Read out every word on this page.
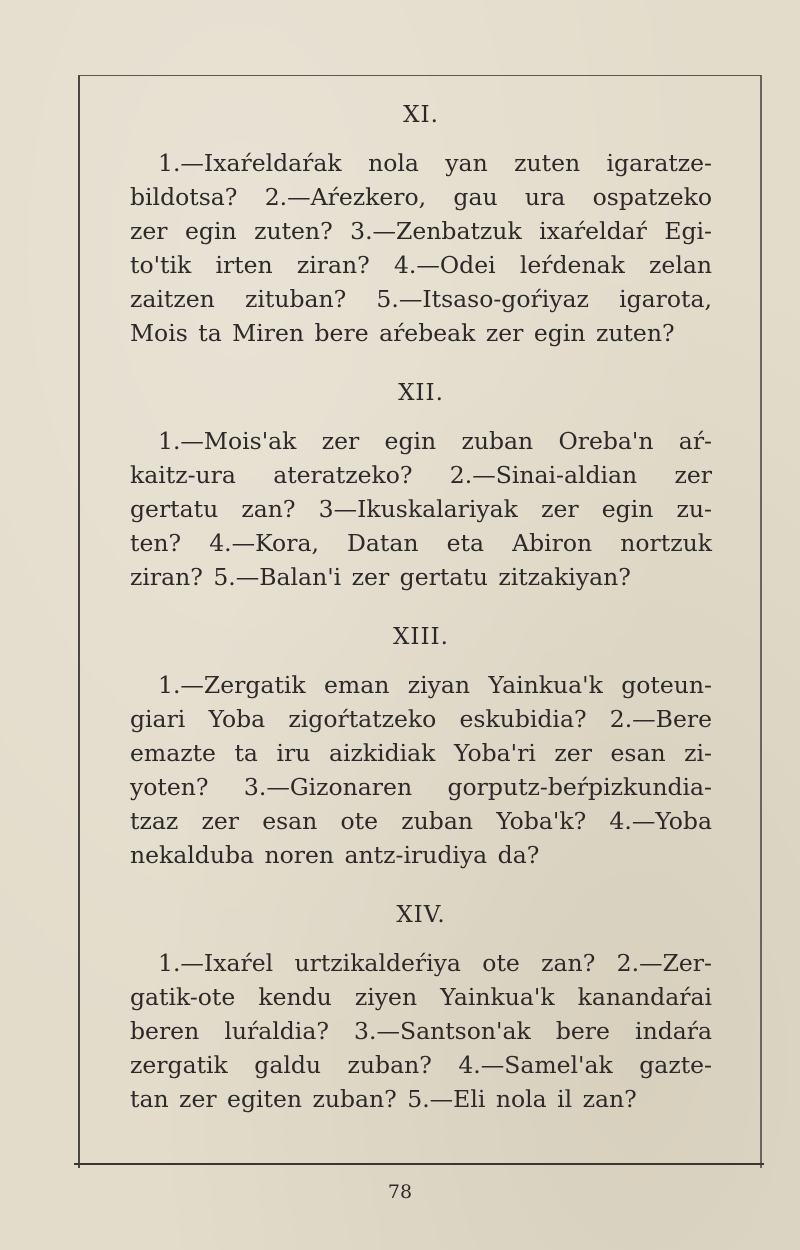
XI.
1.—Ixaŕeldaŕak nola yan zuten igaratze-
bildotsa? 2.—Aŕezkero, gau ura ospatzeko
zer egin zuten? 3.—Zenbatzuk ixaŕeldaŕ Egi-
to'tik irten ziran? 4.—Odei leŕdenak zelan
zaitzen zituban? 5.—Itsaso-goŕiyaz igarota,
Mois ta Miren bere aŕebeak zer egin zuten?
XII.
1.—Mois'ak zer egin zuban Oreba'n aŕ-
kaitz-ura ateratzeko? 2.—Sinai-aldian zer
gertatu zan? 3—Ikuskalariyak zer egin zu-
ten? 4.—Kora, Datan eta Abiron nortzuk
ziran? 5.—Balan'i zer gertatu zitzakiyan?
XIII.
1.—Zergatik eman ziyan Yainkua'k goteun-
giari Yoba zigoŕtatzeko eskubidia? 2.—Bere
emazte ta iru aizkidiak Yoba'ri zer esan zi-
yoten? 3.—Gizonaren gorputz-beŕpizkundia-
tzaz zer esan ote zuban Yoba'k? 4.—Yoba
nekalduba noren antz-irudiya da?
XIV.
1.—Ixaŕel urtzikaldeŕiya ote zan? 2.—Zer-
gatik-ote kendu ziyen Yainkua'k kanandaŕai
beren luŕaldia? 3.—Santson'ak bere indaŕa
zergatik galdu zuban? 4.—Samel'ak gazte-
tan zer egiten zuban? 5.—Eli nola il zan?
78
